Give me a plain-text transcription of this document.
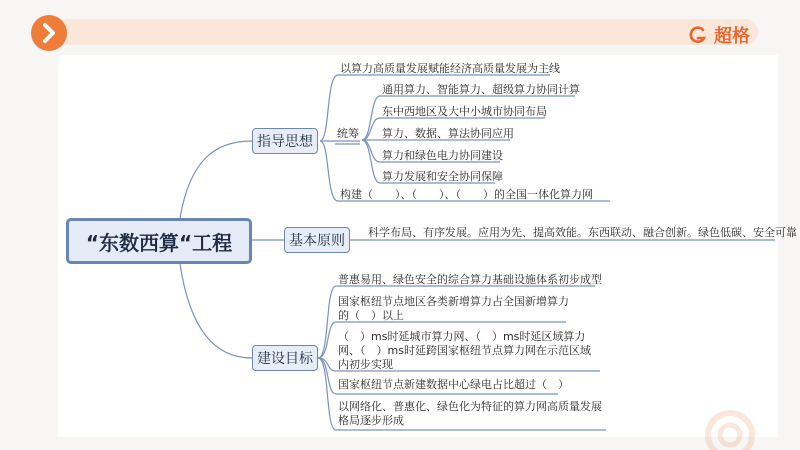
超格
“东数西算“工程
指导思想
基本原则
建设目标
以算力高质量发展赋能经济高质量发展为主线
统筹
构建（　　）、（　　）、（　　）的全国一体化算力网
通用算力、智能算力、超级算力协同计算
东中西地区及大中小城市协同布局
算力、数据、算法协同应用
算力和绿色电力协同建设
算力发展和安全协同保障
科学布局、有序发展。应用为先、提高效能。东西联动、融合创新。绿色低碳、安全可靠
普惠易用、绿色安全的综合算力基础设施体系初步成型
国家枢纽节点地区各类新增算力占全国新增算力的（　）以上
（　）ms时延城市算力网、（　）ms时延区域算力网、（　）ms时延跨国家枢纽节点算力网在示范区域内初步实现
国家枢纽节点新建数据中心绿电占比超过（　）
以网络化、普惠化、绿色化为特征的算力网高质量发展格局逐步形成
